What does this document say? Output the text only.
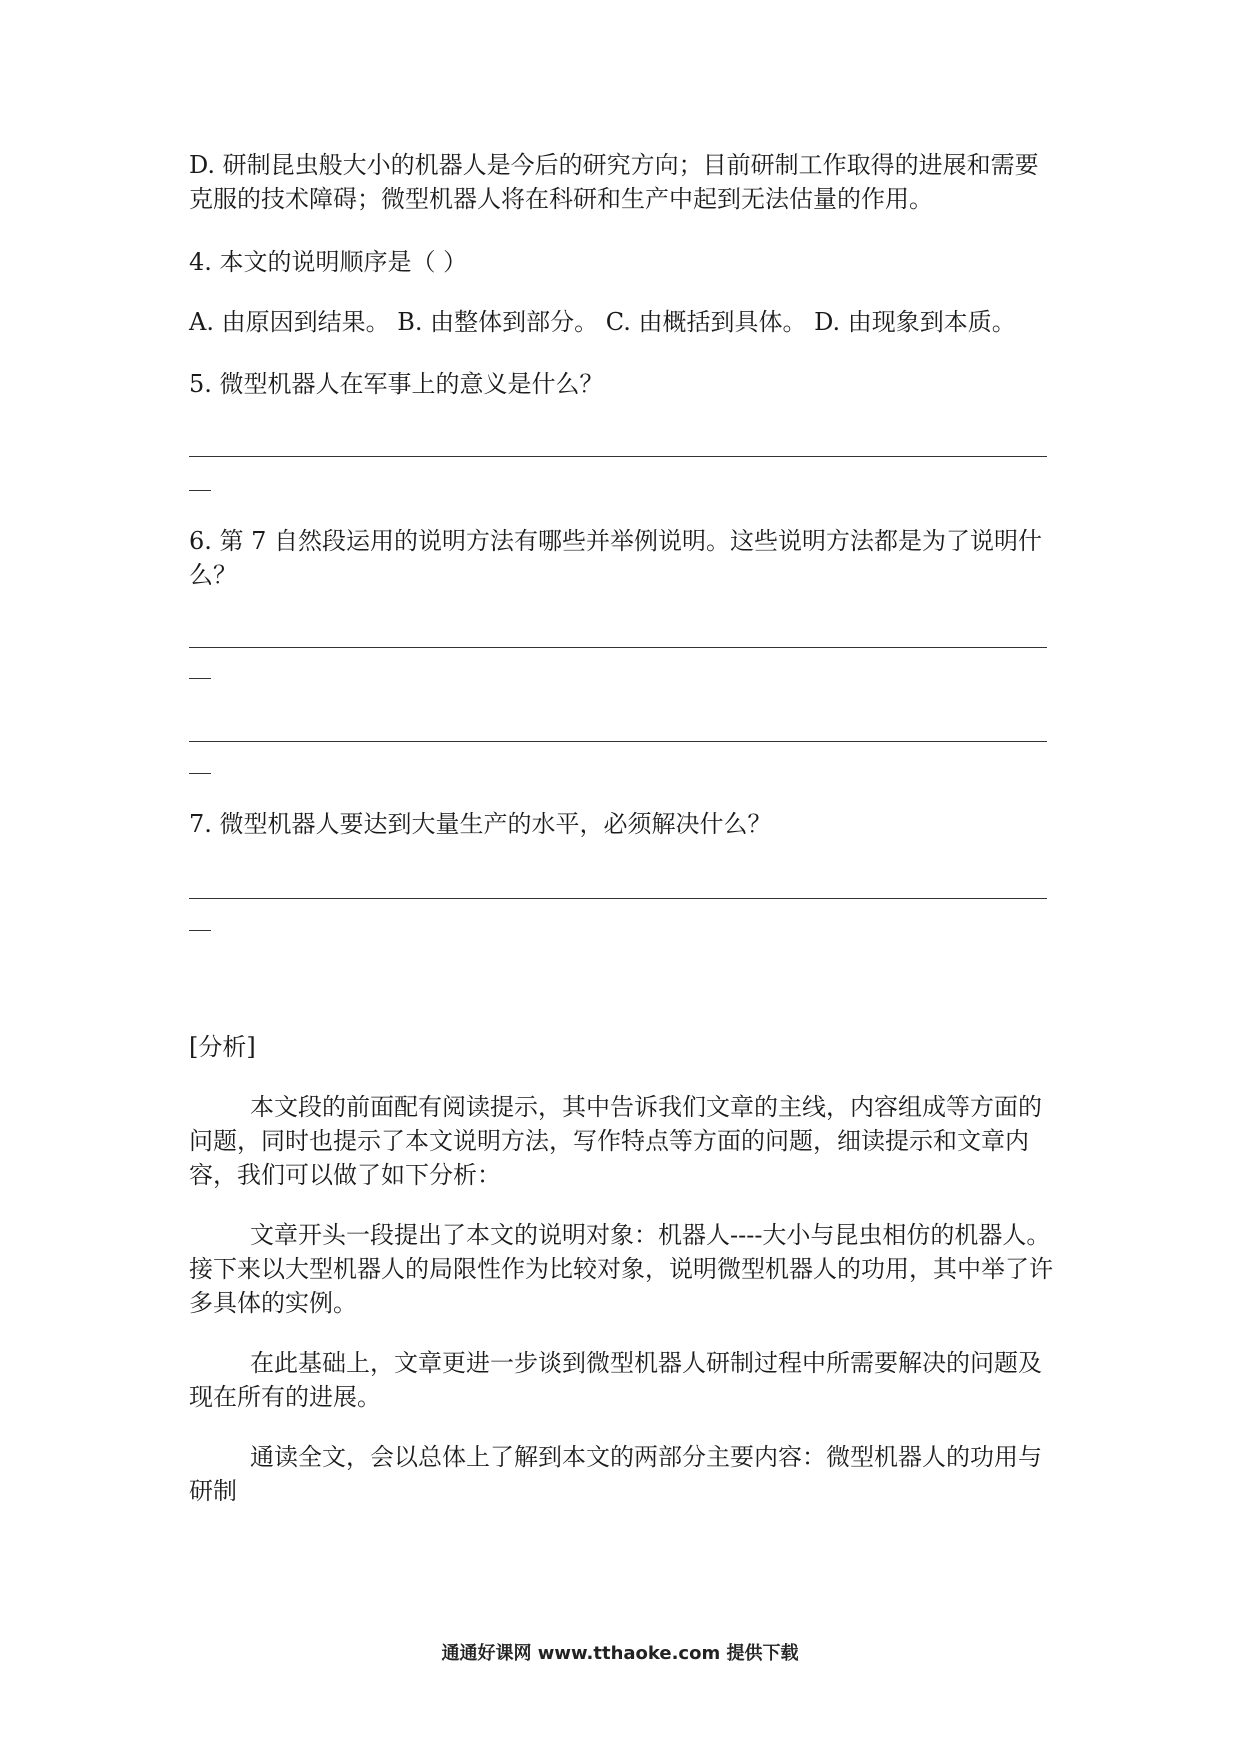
D. 研制昆虫般大小的机器人是今后的研究方向；目前研制工作取得的进展和需要克服的技术障碍；微型机器人将在科研和生产中起到无法估量的作用。

4. 本文的说明顺序是（ ）

A. 由原因到结果。 B. 由整体到部分。 C. 由概括到具体。 D. 由现象到本质。

5. 微型机器人在军事上的意义是什么？

6. 第 7 自然段运用的说明方法有哪些并举例说明。这些说明方法都是为了说明什么？

7. 微型机器人要达到大量生产的水平，必须解决什么？

[分析]

本文段的前面配有阅读提示，其中告诉我们文章的主线，内容组成等方面的问题，同时也提示了本文说明方法，写作特点等方面的问题，细读提示和文章内容，我们可以做了如下分析：

文章开头一段提出了本文的说明对象：机器人----大小与昆虫相仿的机器人。接下来以大型机器人的局限性作为比较对象，说明微型机器人的功用，其中举了许多具体的实例。

在此基础上，文章更进一步谈到微型机器人研制过程中所需要解决的问题及现在所有的进展。

通读全文，会以总体上了解到本文的两部分主要内容：微型机器人的功用与研制

通通好课网 www.tthaoke.com 提供下载
